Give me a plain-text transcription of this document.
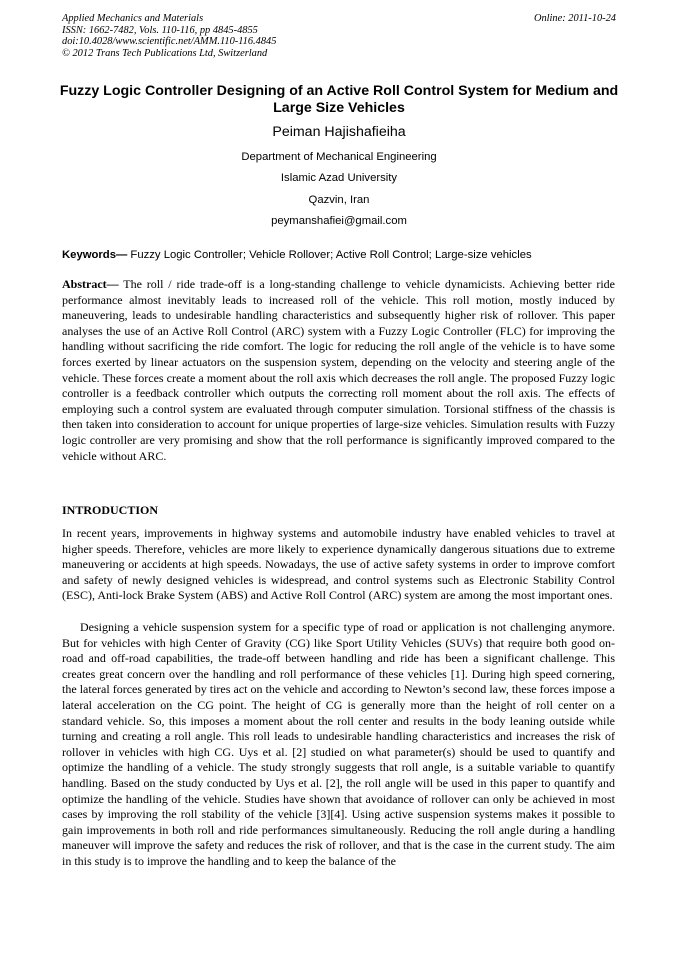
Applied Mechanics and Materials
ISSN: 1662-7482, Vols. 110-116, pp 4845-4855
doi:10.4028/www.scientific.net/AMM.110-116.4845
© 2012 Trans Tech Publications Ltd, Switzerland
Online: 2011-10-24
Fuzzy Logic Controller Designing of an Active Roll Control System for Medium and Large Size Vehicles
Peiman Hajishafieiha
Department of Mechanical Engineering
Islamic Azad University
Qazvin, Iran
peymanshafiei@gmail.com
Keywords— Fuzzy Logic Controller; Vehicle Rollover; Active Roll Control; Large-size vehicles

Abstract— The roll / ride trade-off is a long-standing challenge to vehicle dynamicists. Achieving better ride performance almost inevitably leads to increased roll of the vehicle. This roll motion, mostly induced by maneuvering, leads to undesirable handling characteristics and subsequently higher risk of rollover. This paper analyses the use of an Active Roll Control (ARC) system with a Fuzzy Logic Controller (FLC) for improving the handling without sacrificing the ride comfort. The logic for reducing the roll angle of the vehicle is to have some forces exerted by linear actuators on the suspension system, depending on the velocity and steering angle of the vehicle. These forces create a moment about the roll axis which decreases the roll angle. The proposed Fuzzy logic controller is a feedback controller which outputs the correcting roll moment about the roll axis. The effects of employing such a control system are evaluated through computer simulation. Torsional stiffness of the chassis is then taken into consideration to account for unique properties of large-size vehicles. Simulation results with Fuzzy logic controller are very promising and show that the roll performance is significantly improved compared to the vehicle without ARC.

INTRODUCTION

In recent years, improvements in highway systems and automobile industry have enabled vehicles to travel at higher speeds. Therefore, vehicles are more likely to experience dynamically dangerous situations due to extreme maneuvering or accidents at high speeds. Nowadays, the use of active safety systems in order to improve comfort and safety of newly designed vehicles is widespread, and control systems such as Electronic Stability Control (ESC), Anti-lock Brake System (ABS) and Active Roll Control (ARC) system are among the most important ones.

Designing a vehicle suspension system for a specific type of road or application is not challenging anymore. But for vehicles with high Center of Gravity (CG) like Sport Utility Vehicles (SUVs) that require both good on-road and off-road capabilities, the trade-off between handling and ride has been a significant challenge. This creates great concern over the handling and roll performance of these vehicles [1]. During high speed cornering, the lateral forces generated by tires act on the vehicle and according to Newton’s second law, these forces impose a lateral acceleration on the CG point. The height of CG is generally more than the height of roll center on a standard vehicle. So, this imposes a moment about the roll center and results in the body leaning outside while turning and creating a roll angle. This roll leads to undesirable handling characteristics and increases the risk of rollover in vehicles with high CG. Uys et al. [2] studied on what parameter(s) should be used to quantify and optimize the handling of a vehicle. The study strongly suggests that roll angle, is a suitable variable to quantify handling. Based on the study conducted by Uys et al. [2], the roll angle will be used in this paper to quantify and optimize the handling of the vehicle. Studies have shown that avoidance of rollover can only be achieved in most cases by improving the roll stability of the vehicle [3][4]. Using active suspension systems makes it possible to gain improvements in both roll and ride performances simultaneously. Reducing the roll angle during a handling maneuver will improve the safety and reduces the risk of rollover, and that is the case in the current study. The aim in this study is to improve the handling and to keep the balance of the
